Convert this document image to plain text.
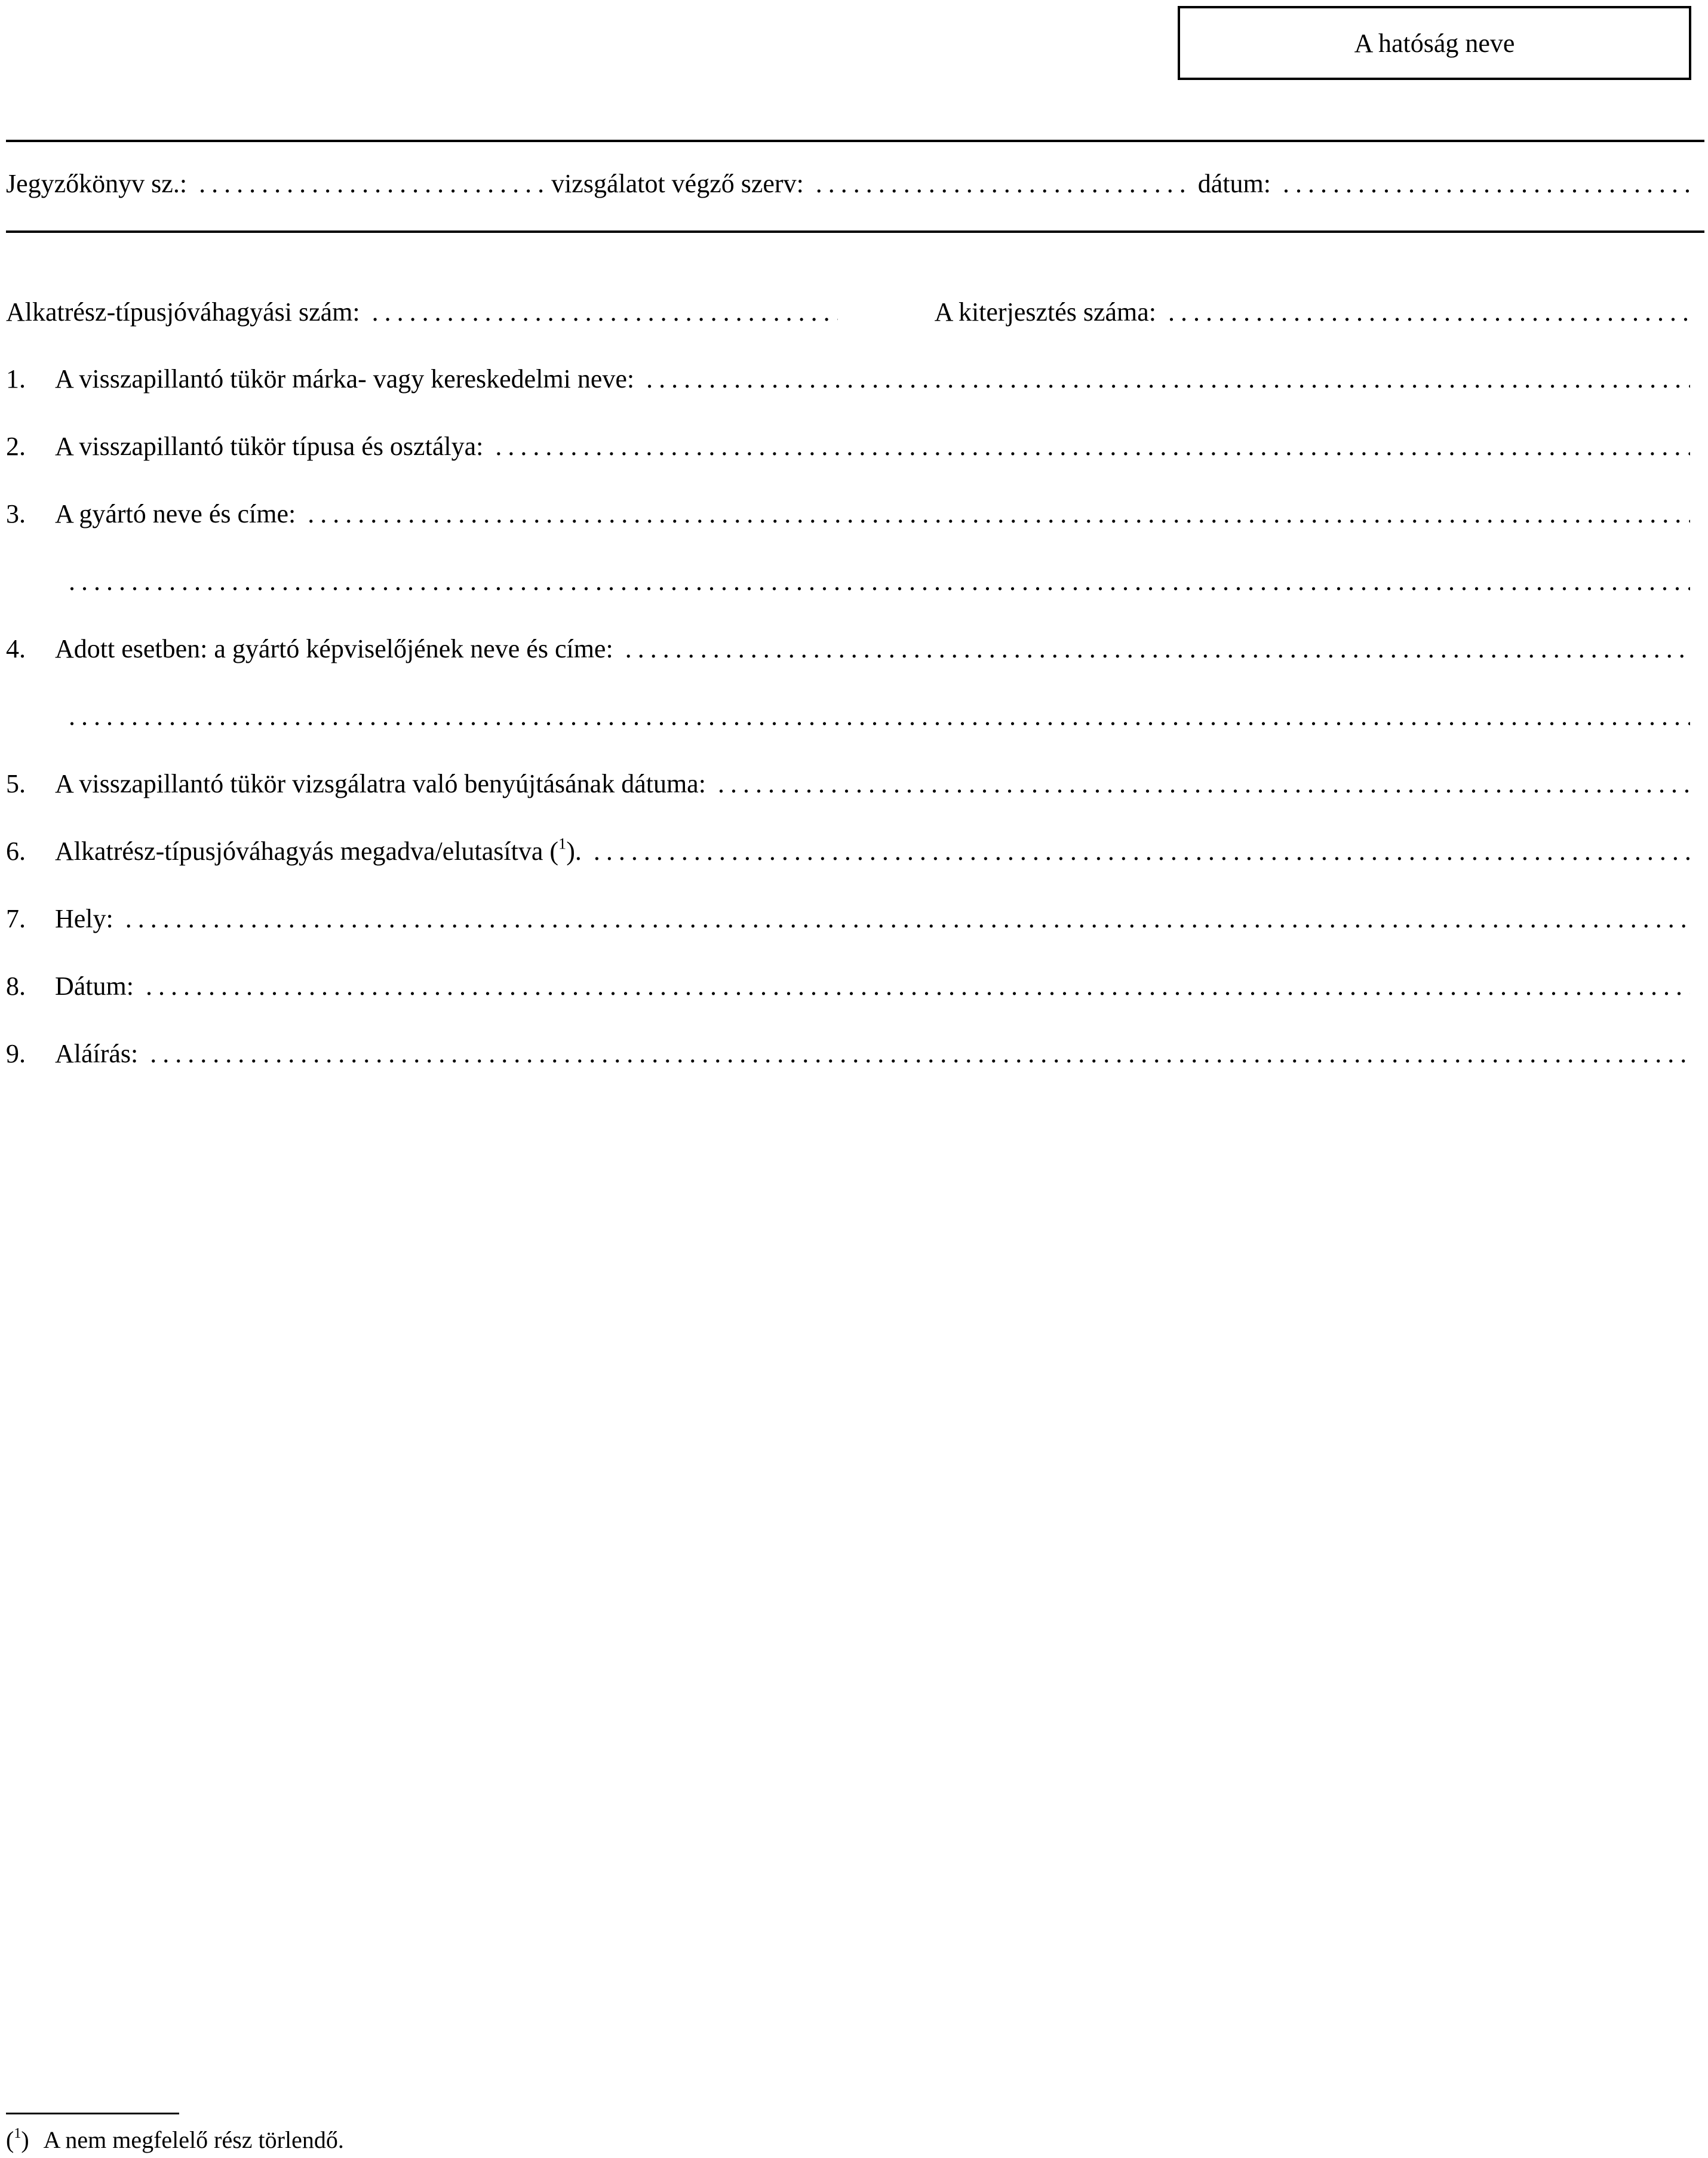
A hatóság neve
Jegyzőkönyv sz.: .....	vizsgálatot végző szerv: .....	dátum:
.....
Alkatrész-típusjóváhagyási szám: .....	A kiterjesztés száma:
.....
1.	A visszapillantó tükör márka- vagy kereskedelmi neve:
.....
2.	A visszapillantó tükör típusa és osztálya:
.....
3.	A gyártó neve és címe:
.....
.....
4.	Adott esetben: a gyártó képviselőjének neve és címe:
.....
.....
5.	A visszapillantó tükör vizsgálatra való benyújtásának dátuma:
.....
6.	Alkatrész-típusjóváhagyás megadva/elutasítva ($^1$).
.....
7.	Hely:
.....
8.	Dátum:
.....
9.	Aláírás:
.....
($^1$) A nem megfelelő rész törlendő.
